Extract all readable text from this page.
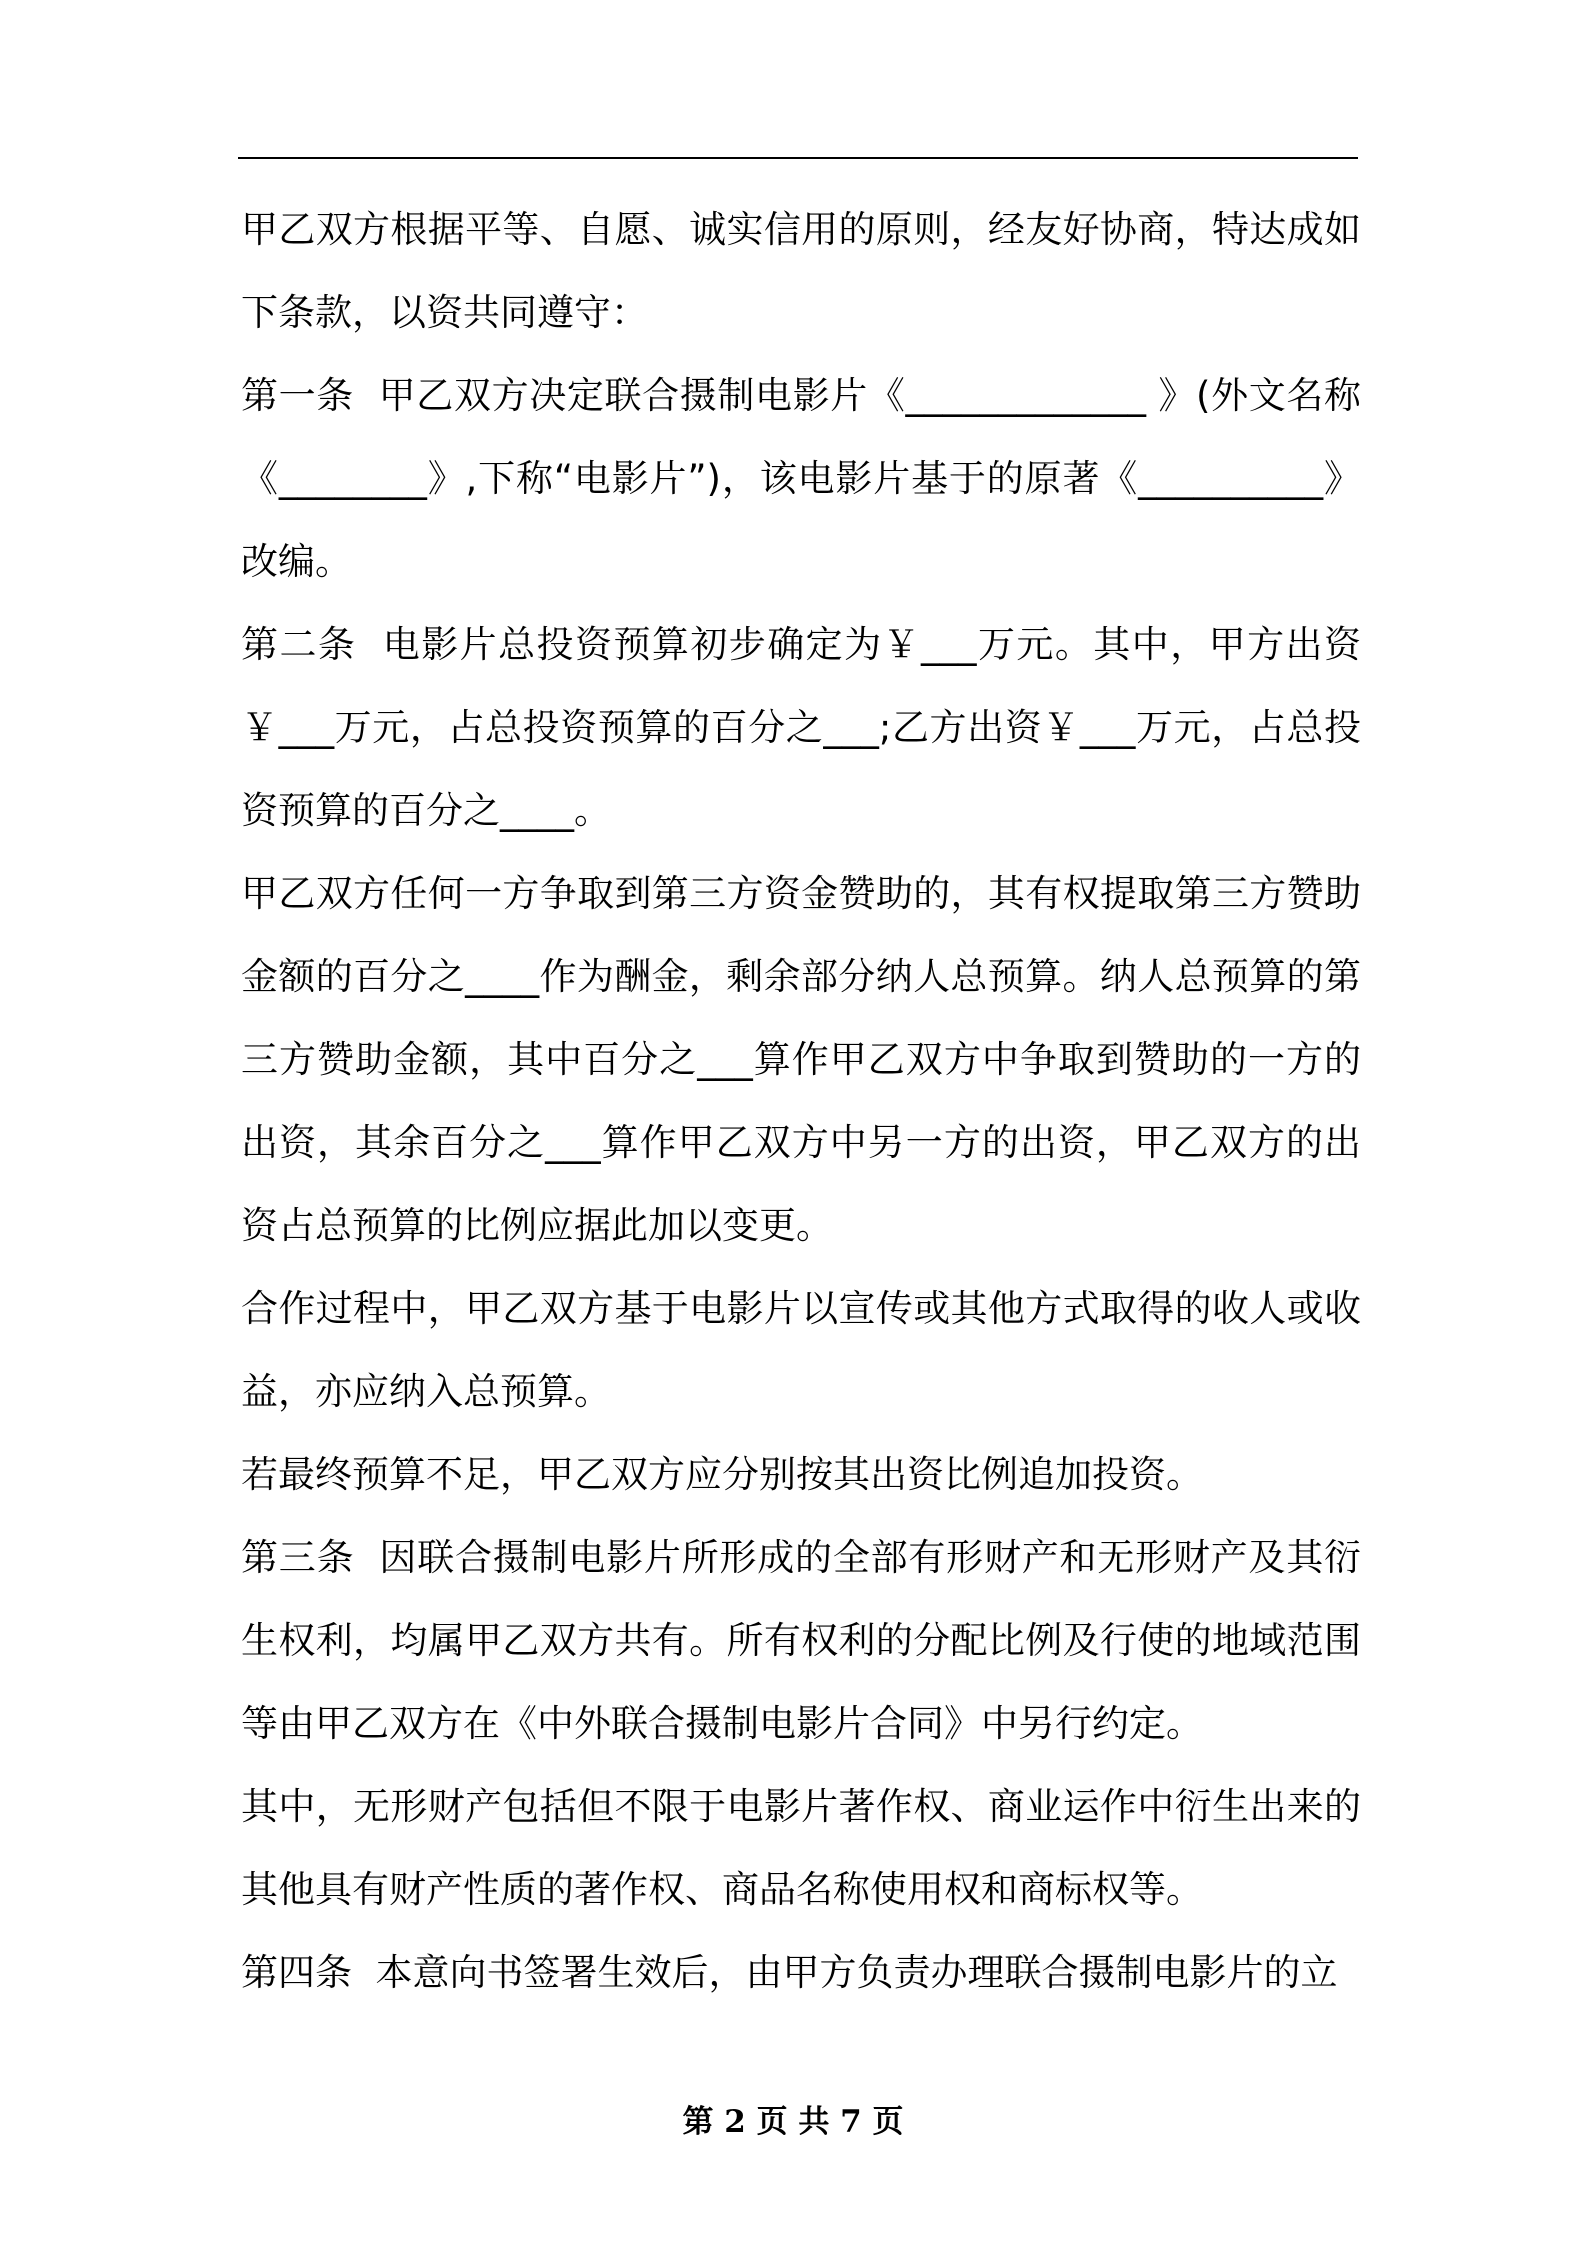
甲乙双方根据平等、自愿、诚实信用的原则，经友好协商，特达成如下条款，以资共同遵守：

第一条  甲乙双方决定联合摄制电影片《_____________ 》(外文名称《________》,下称“电影片”)，该电影片基于的原著《__________》改编。

第二条  电影片总投资预算初步确定为￥___万元。其中，甲方出资￥___万元，占总投资预算的百分之___;乙方出资￥___万元，占总投资预算的百分之____。

甲乙双方任何一方争取到第三方资金赞助的，其有权提取第三方赞助金额的百分之____作为酬金，剩余部分纳人总预算。纳人总预算的第三方赞助金额，其中百分之___算作甲乙双方中争取到赞助的一方的出资，其余百分之___算作甲乙双方中另一方的出资，甲乙双方的出资占总预算的比例应据此加以变更。

合作过程中，甲乙双方基于电影片以宣传或其他方式取得的收人或收益，亦应纳入总预算。

若最终预算不足，甲乙双方应分别按其出资比例追加投资。

第三条  因联合摄制电影片所形成的全部有形财产和无形财产及其衍生权利，均属甲乙双方共有。所有权利的分配比例及行使的地域范围等由甲乙双方在《中外联合摄制电影片合同》中另行约定。

其中，无形财产包括但不限于电影片著作权、商业运作中衍生出来的其他具有财产性质的著作权、商品名称使用权和商标权等。

第四条  本意向书签署生效后，由甲方负责办理联合摄制电影片的立

第 2 页 共 7 页
